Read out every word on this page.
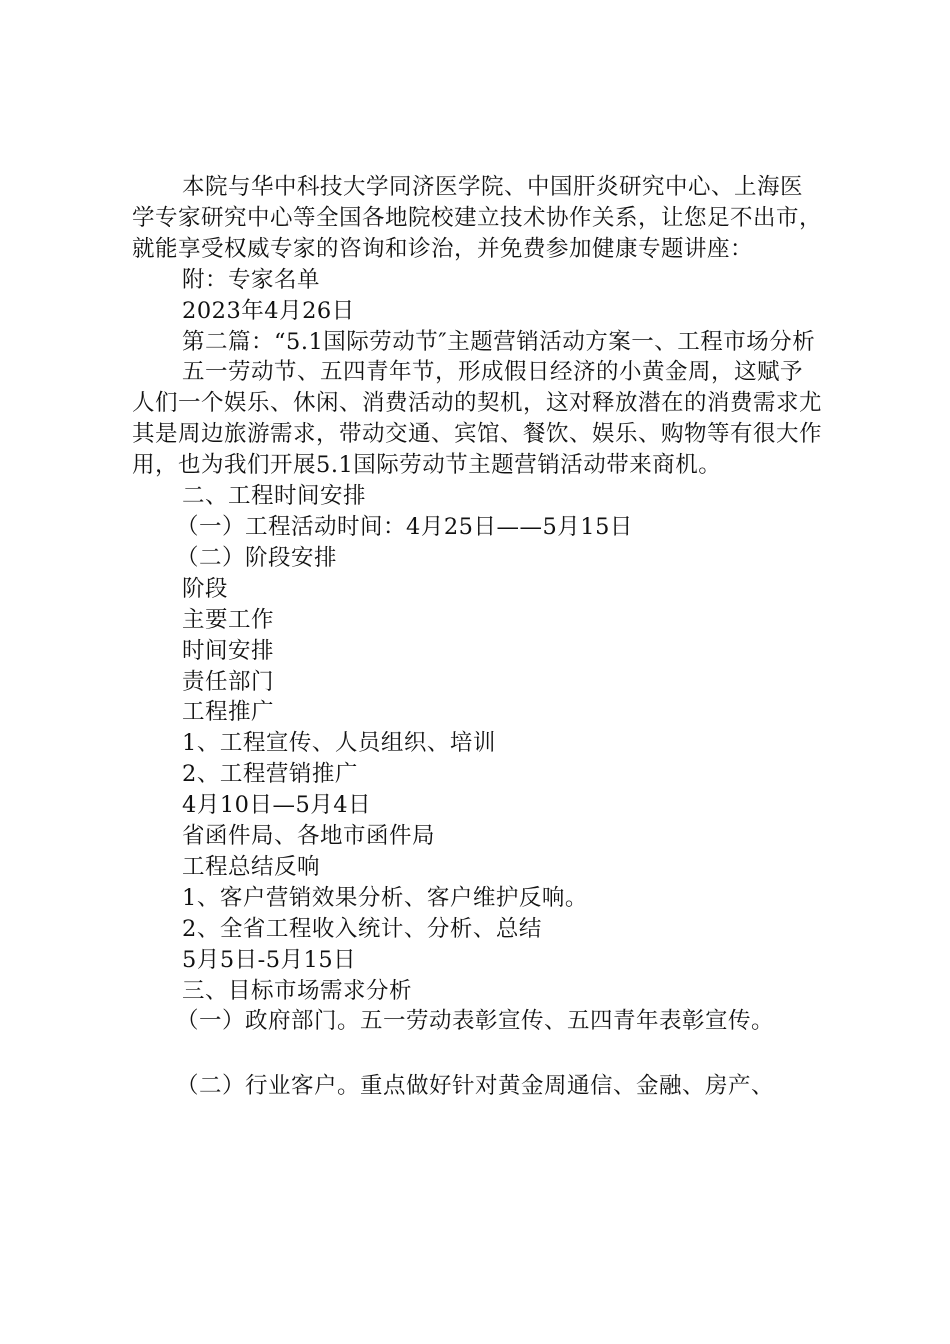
本院与华中科技大学同济医学院、中国肝炎研究中心、上海医学专家研究中心等全国各地院校建立技术协作关系，让您足不出市，就能享受权威专家的咨询和诊治，并免费参加健康专题讲座：

附：专家名单

2023年4月26日

第二篇：“5.1国际劳动节″主题营销活动方案一、工程市场分析

五一劳动节、五四青年节，形成假日经济的小黄金周，这赋予人们一个娱乐、休闲、消费活动的契机，这对释放潜在的消费需求尤其是周边旅游需求，带动交通、宾馆、餐饮、娱乐、购物等有很大作用，也为我们开展5.1国际劳动节主题营销活动带来商机。

二、工程时间安排

（一）工程活动时间：4月25日——5月15日

（二）阶段安排

阶段

主要工作

时间安排

责任部门

工程推广

1、工程宣传、人员组织、培训

2、工程营销推广

4月10日—5月4日

省函件局、各地市函件局

工程总结反响

1、客户营销效果分析、客户维护反响。

2、全省工程收入统计、分析、总结

5月5日-5月15日

三、目标市场需求分析

（一）政府部门。五一劳动表彰宣传、五四青年表彰宣传。

（二）行业客户。重点做好针对黄金周通信、金融、房产、
